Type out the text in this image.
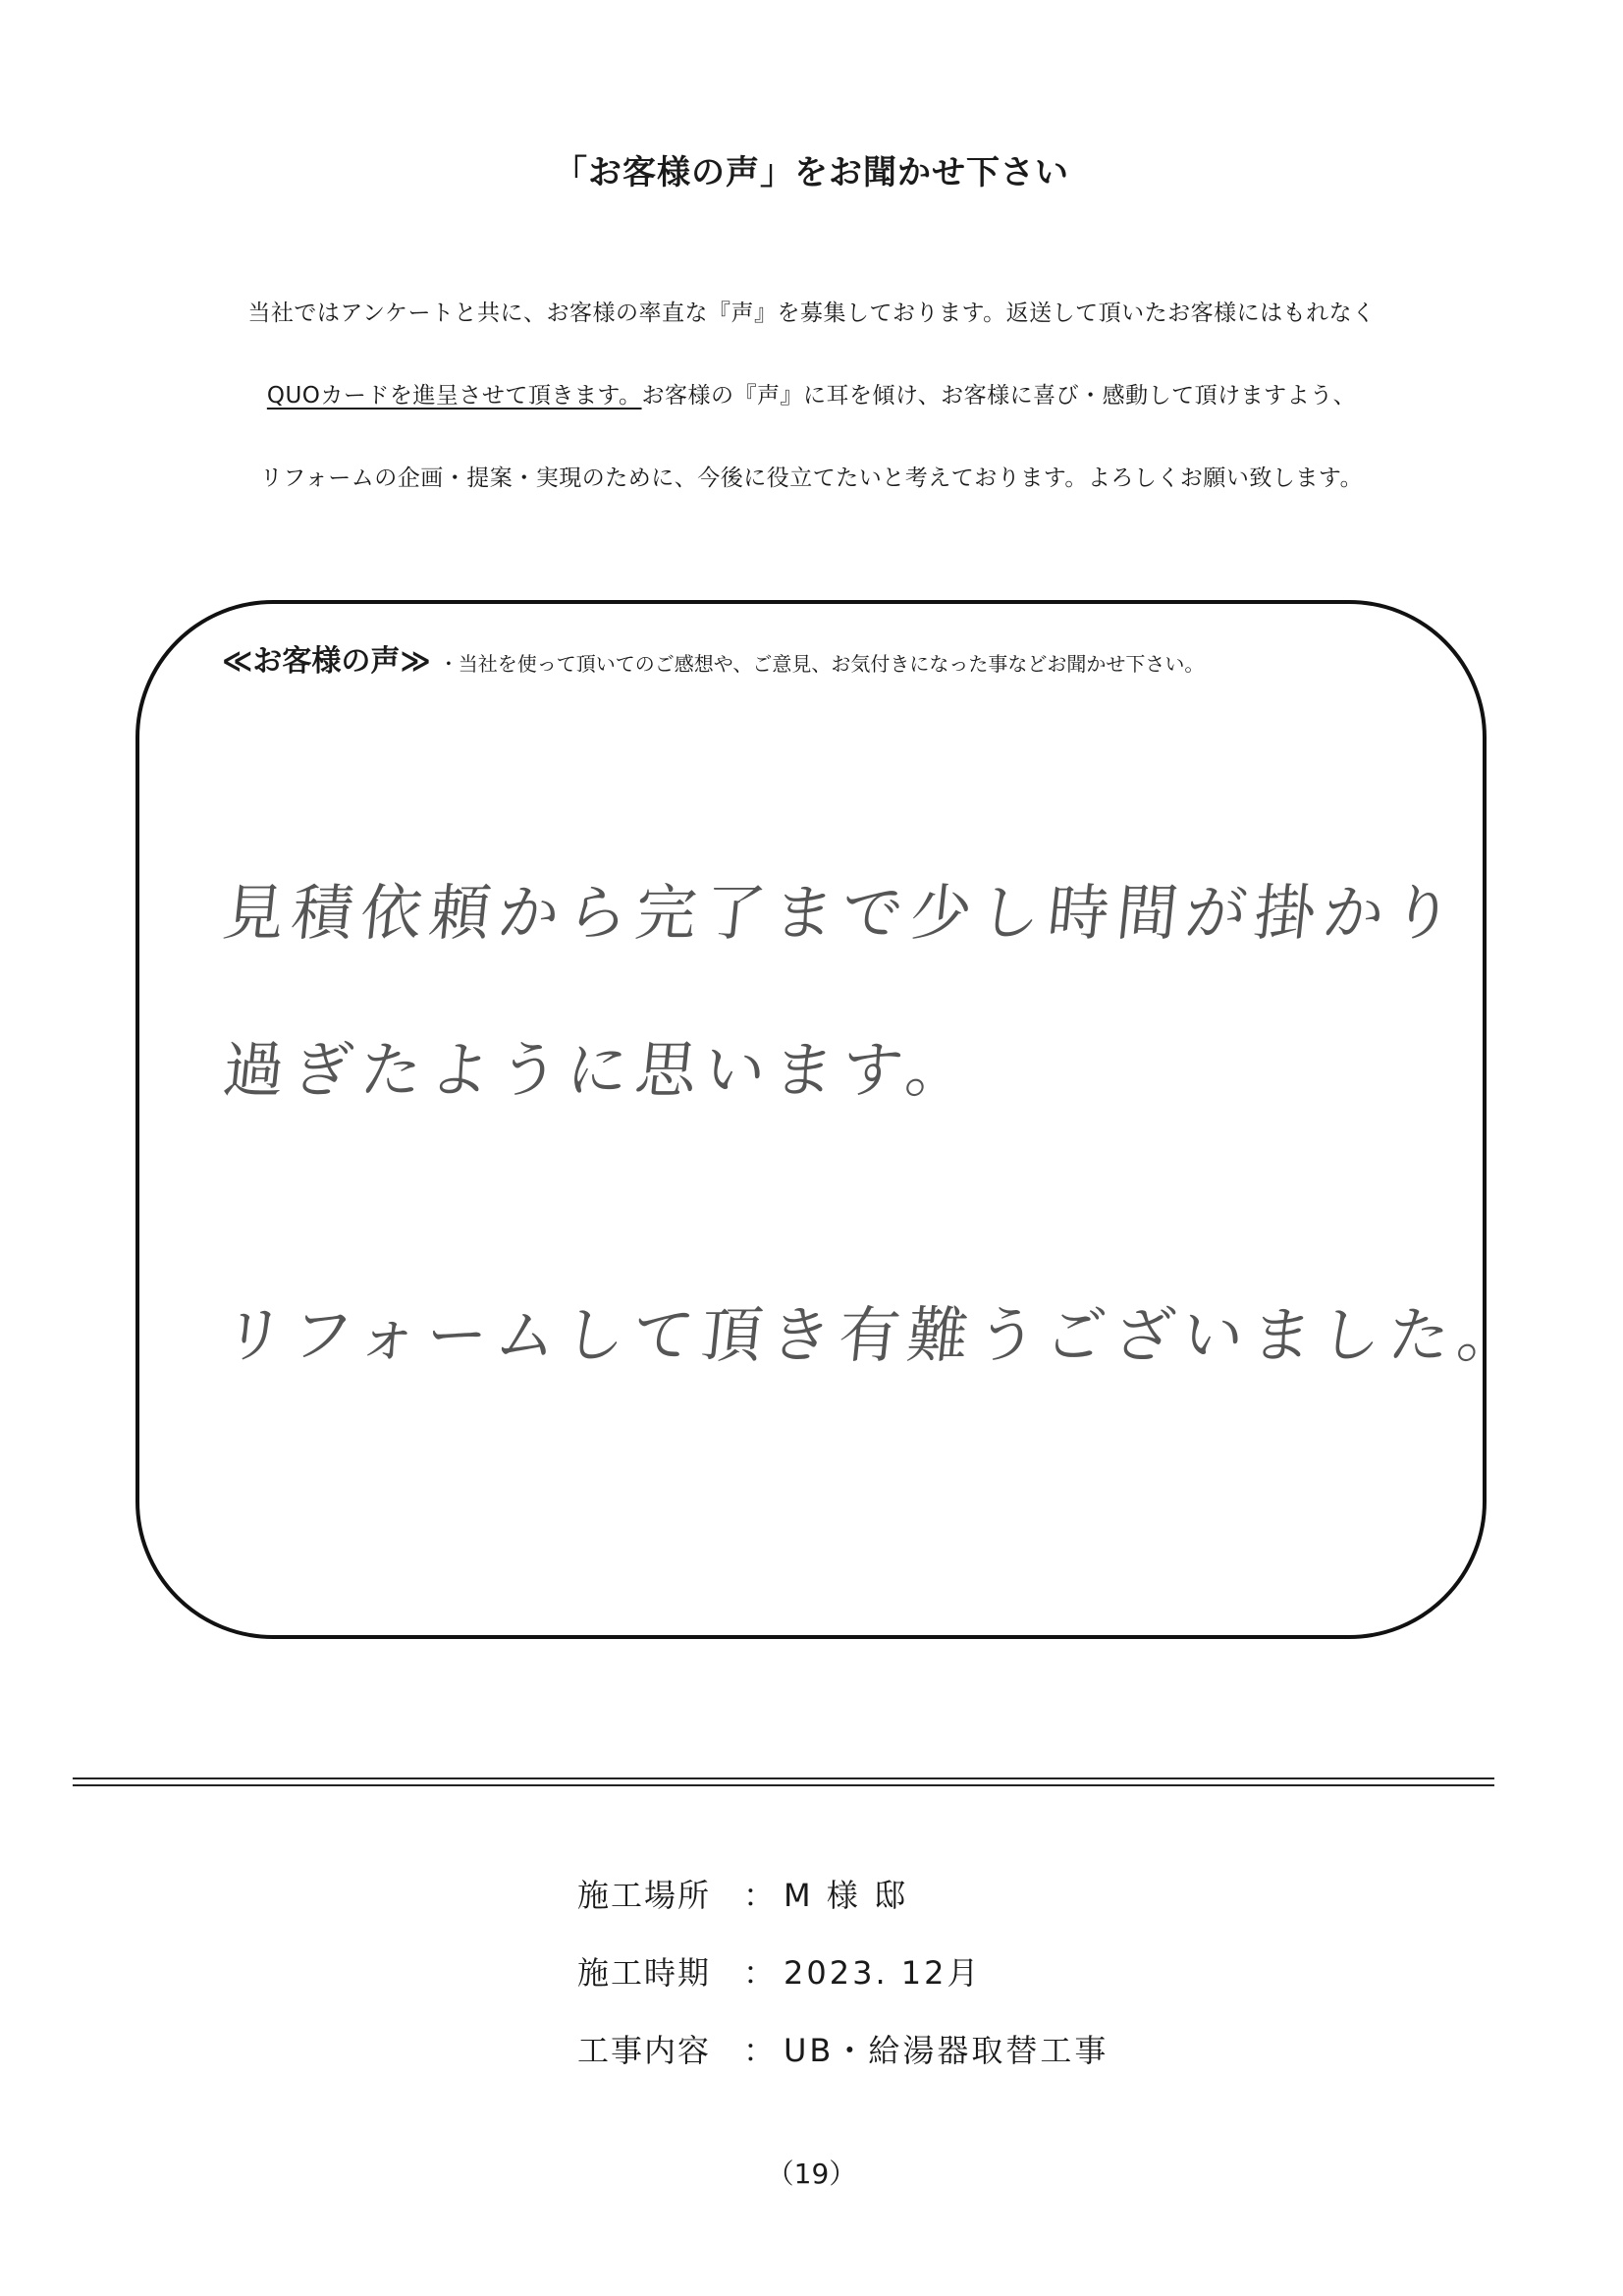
「お客様の声」をお聞かせ下さい
当社ではアンケートと共に、お客様の率直な『声』を募集しております。返送して頂いたお客様にはもれなく
QUOカードを進呈させて頂きます。お客様の『声』に耳を傾け、お客様に喜び・感動して頂けますよう、
リフォームの企画・提案・実現のために、今後に役立てたいと考えております。よろしくお願い致します。
≪お客様の声≫ ・当社を使って頂いてのご感想や、ご意見、お気付きになった事などお聞かせ下さい。
見積依頼から完了まで少し時間が掛かり
過ぎたように思います。
リフォームして頂き有難うございました。
施工場所	： M 様 邸
施工時期	： 2023. 12月
工事内容	： UB・給湯器取替工事
（19）
